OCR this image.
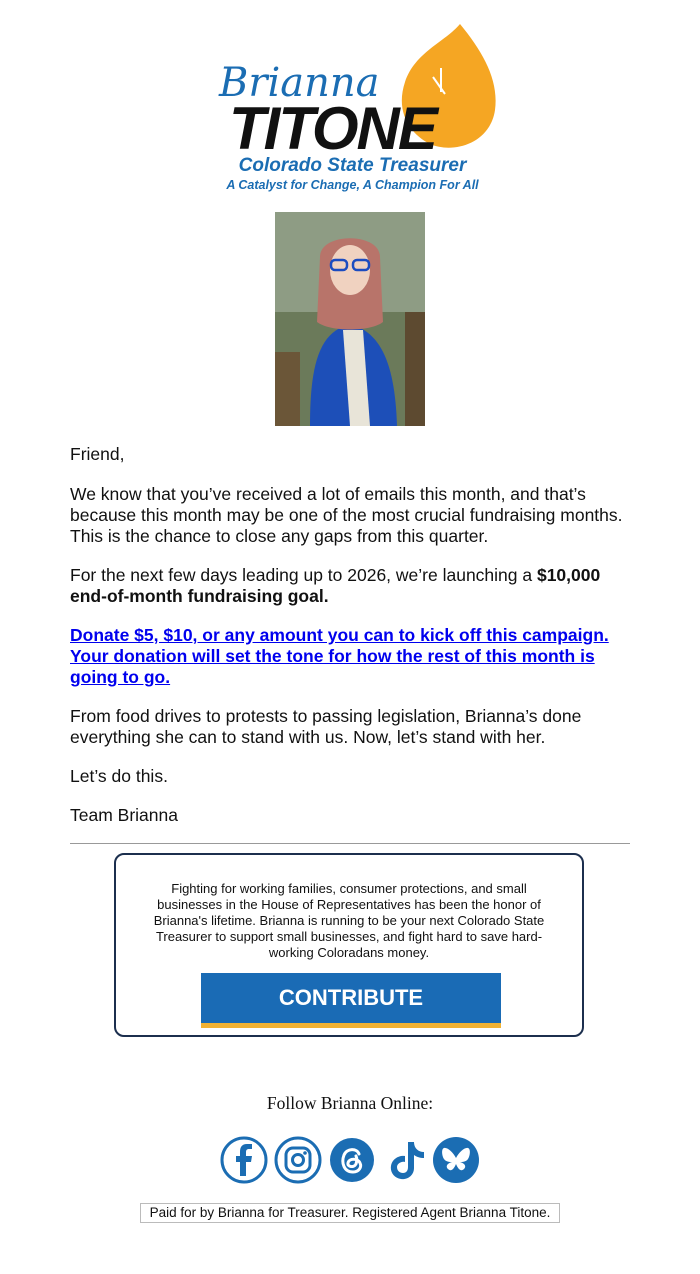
Brianna
TITONE
Colorado State Treasurer
A Catalyst for Change, A Champion For All

Friend,

We know that you’ve received a lot of emails this month, and that’s because this month may be one of the most crucial fundraising months. This is the chance to close any gaps from this quarter.

For the next few days leading up to 2026, we’re launching a $10,000 end-of-month fundraising goal.

Donate $5, $10, or any amount you can to kick off this campaign. Your donation will set the tone for how the rest of this month is going to go.

From food drives to protests to passing legislation, Brianna’s done everything she can to stand with us. Now, let’s stand with her.

Let’s do this.

Team Brianna

Fighting for working families, consumer protections, and small businesses in the House of Representatives has been the honor of Brianna's lifetime. Brianna is running to be your next Colorado State Treasurer to support small businesses, and fight hard to save hard-working Coloradans money.
CONTRIBUTE
Follow Brianna Online:
Paid for by Brianna for Treasurer. Registered Agent Brianna Titone.
